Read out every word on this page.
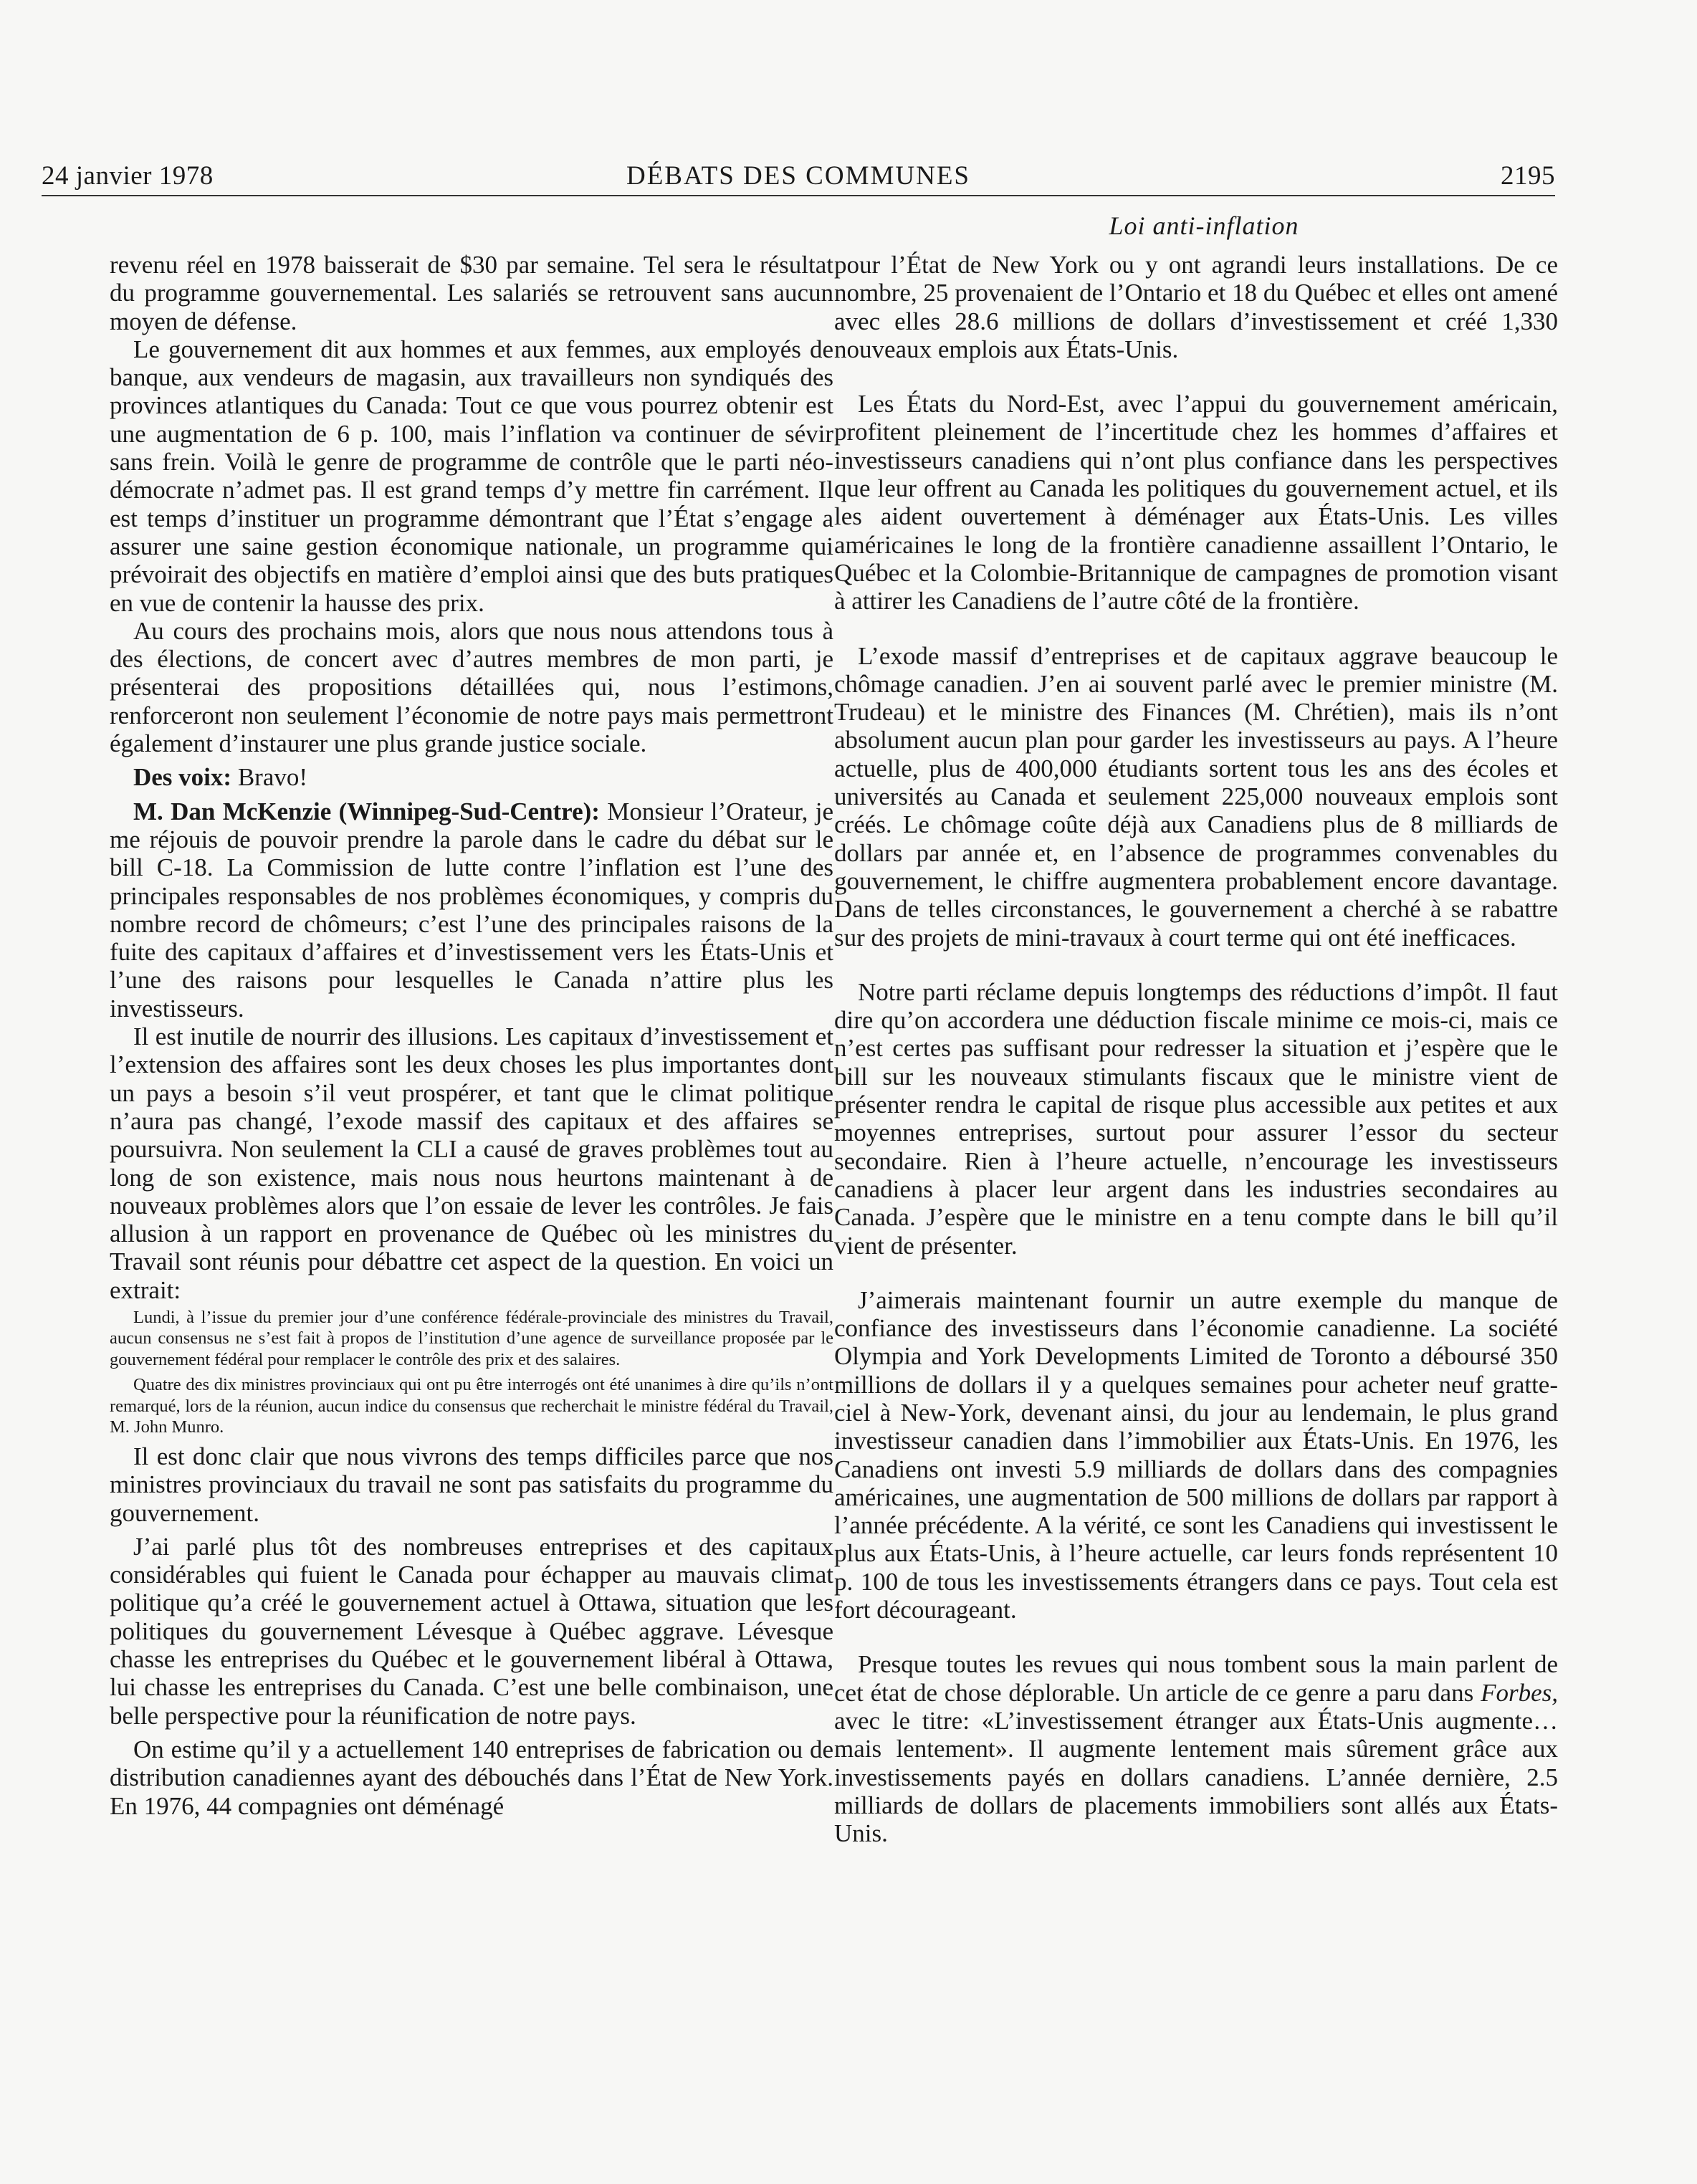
24 janvier 1978	DÉBATS DES COMMUNES	2195
Loi anti-inflation

revenu réel en 1978 baisserait de $30 par semaine. Tel sera le résultat du programme gouvernemental. Les salariés se retrouvent sans aucun moyen de défense.

Le gouvernement dit aux hommes et aux femmes, aux employés de banque, aux vendeurs de magasin, aux travailleurs non syndiqués des provinces atlantiques du Canada: Tout ce que vous pourrez obtenir est une augmentation de 6 p. 100, mais l’inflation va continuer de sévir sans frein. Voilà le genre de programme de contrôle que le parti néo-démocrate n’admet pas. Il est grand temps d’y mettre fin carrément. Il est temps d’instituer un programme démontrant que l’État s’engage a assurer une saine gestion économique nationale, un programme qui prévoirait des objectifs en matière d’emploi ainsi que des buts pratiques en vue de contenir la hausse des prix.

Au cours des prochains mois, alors que nous nous attendons tous à des élections, de concert avec d’autres membres de mon parti, je présenterai des propositions détaillées qui, nous l’estimons, renforceront non seulement l’économie de notre pays mais permettront également d’instaurer une plus grande justice sociale.

Des voix: Bravo!

M. Dan McKenzie (Winnipeg-Sud-Centre): Monsieur l’Orateur, je me réjouis de pouvoir prendre la parole dans le cadre du débat sur le bill C-18. La Commission de lutte contre l’inflation est l’une des principales responsables de nos problèmes économiques, y compris du nombre record de chômeurs; c’est l’une des principales raisons de la fuite des capitaux d’affaires et d’investissement vers les États-Unis et l’une des raisons pour lesquelles le Canada n’attire plus les investisseurs.

Il est inutile de nourrir des illusions. Les capitaux d’investissement et l’extension des affaires sont les deux choses les plus importantes dont un pays a besoin s’il veut prospérer, et tant que le climat politique n’aura pas changé, l’exode massif des capitaux et des affaires se poursuivra. Non seulement la CLI a causé de graves problèmes tout au long de son existence, mais nous nous heurtons maintenant à de nouveaux problèmes alors que l’on essaie de lever les contrôles. Je fais allusion à un rapport en provenance de Québec où les ministres du Travail sont réunis pour débattre cet aspect de la question. En voici un extrait:

Lundi, à l’issue du premier jour d’une conférence fédérale-provinciale des ministres du Travail, aucun consensus ne s’est fait à propos de l’institution d’une agence de surveillance proposée par le gouvernement fédéral pour remplacer le contrôle des prix et des salaires.

Quatre des dix ministres provinciaux qui ont pu être interrogés ont été unanimes à dire qu’ils n’ont remarqué, lors de la réunion, aucun indice du consensus que recherchait le ministre fédéral du Travail, M. John Munro.

Il est donc clair que nous vivrons des temps difficiles parce que nos ministres provinciaux du travail ne sont pas satisfaits du programme du gouvernement.

J’ai parlé plus tôt des nombreuses entreprises et des capitaux considérables qui fuient le Canada pour échapper au mauvais climat politique qu’a créé le gouvernement actuel à Ottawa, situation que les politiques du gouvernement Lévesque à Québec aggrave. Lévesque chasse les entreprises du Québec et le gouvernement libéral à Ottawa, lui chasse les entreprises du Canada. C’est une belle combinaison, une belle perspective pour la réunification de notre pays.

On estime qu’il y a actuellement 140 entreprises de fabrication ou de distribution canadiennes ayant des débouchés dans l’État de New York. En 1976, 44 compagnies ont déménagé

pour l’État de New York ou y ont agrandi leurs installations. De ce nombre, 25 provenaient de l’Ontario et 18 du Québec et elles ont amené avec elles 28.6 millions de dollars d’investissement et créé 1,330 nouveaux emplois aux États-Unis.

Les États du Nord-Est, avec l’appui du gouvernement américain, profitent pleinement de l’incertitude chez les hommes d’affaires et investisseurs canadiens qui n’ont plus confiance dans les perspectives que leur offrent au Canada les politiques du gouvernement actuel, et ils les aident ouvertement à déménager aux États-Unis. Les villes américaines le long de la frontière canadienne assaillent l’Ontario, le Québec et la Colombie-Britannique de campagnes de promotion visant à attirer les Canadiens de l’autre côté de la frontière.

L’exode massif d’entreprises et de capitaux aggrave beaucoup le chômage canadien. J’en ai souvent parlé avec le premier ministre (M. Trudeau) et le ministre des Finances (M. Chrétien), mais ils n’ont absolument aucun plan pour garder les investisseurs au pays. A l’heure actuelle, plus de 400,000 étudiants sortent tous les ans des écoles et universités au Canada et seulement 225,000 nouveaux emplois sont créés. Le chômage coûte déjà aux Canadiens plus de 8 milliards de dollars par année et, en l’absence de programmes convenables du gouvernement, le chiffre augmentera probablement encore davantage. Dans de telles circonstances, le gouvernement a cherché à se rabattre sur des projets de mini-travaux à court terme qui ont été inefficaces.

Notre parti réclame depuis longtemps des réductions d’impôt. Il faut dire qu’on accordera une déduction fiscale minime ce mois-ci, mais ce n’est certes pas suffisant pour redresser la situation et j’espère que le bill sur les nouveaux stimulants fiscaux que le ministre vient de présenter rendra le capital de risque plus accessible aux petites et aux moyennes entreprises, surtout pour assurer l’essor du secteur secondaire. Rien à l’heure actuelle, n’encourage les investisseurs canadiens à placer leur argent dans les industries secondaires au Canada. J’espère que le ministre en a tenu compte dans le bill qu’il vient de présenter.

J’aimerais maintenant fournir un autre exemple du manque de confiance des investisseurs dans l’économie canadienne. La société Olympia and York Developments Limited de Toronto a déboursé 350 millions de dollars il y a quelques semaines pour acheter neuf gratte-ciel à New-York, devenant ainsi, du jour au lendemain, le plus grand investisseur canadien dans l’immobilier aux États-Unis. En 1976, les Canadiens ont investi 5.9 milliards de dollars dans des compagnies américaines, une augmentation de 500 millions de dollars par rapport à l’année précédente. A la vérité, ce sont les Canadiens qui investissent le plus aux États-Unis, à l’heure actuelle, car leurs fonds représentent 10 p. 100 de tous les investissements étrangers dans ce pays. Tout cela est fort décourageant.

Presque toutes les revues qui nous tombent sous la main parlent de cet état de chose déplorable. Un article de ce genre a paru dans Forbes, avec le titre: «L’investissement étranger aux États-Unis augmente… mais lentement». Il augmente lentement mais sûrement grâce aux investissements payés en dollars canadiens. L’année dernière, 2.5 milliards de dollars de placements immobiliers sont allés aux États-Unis.
